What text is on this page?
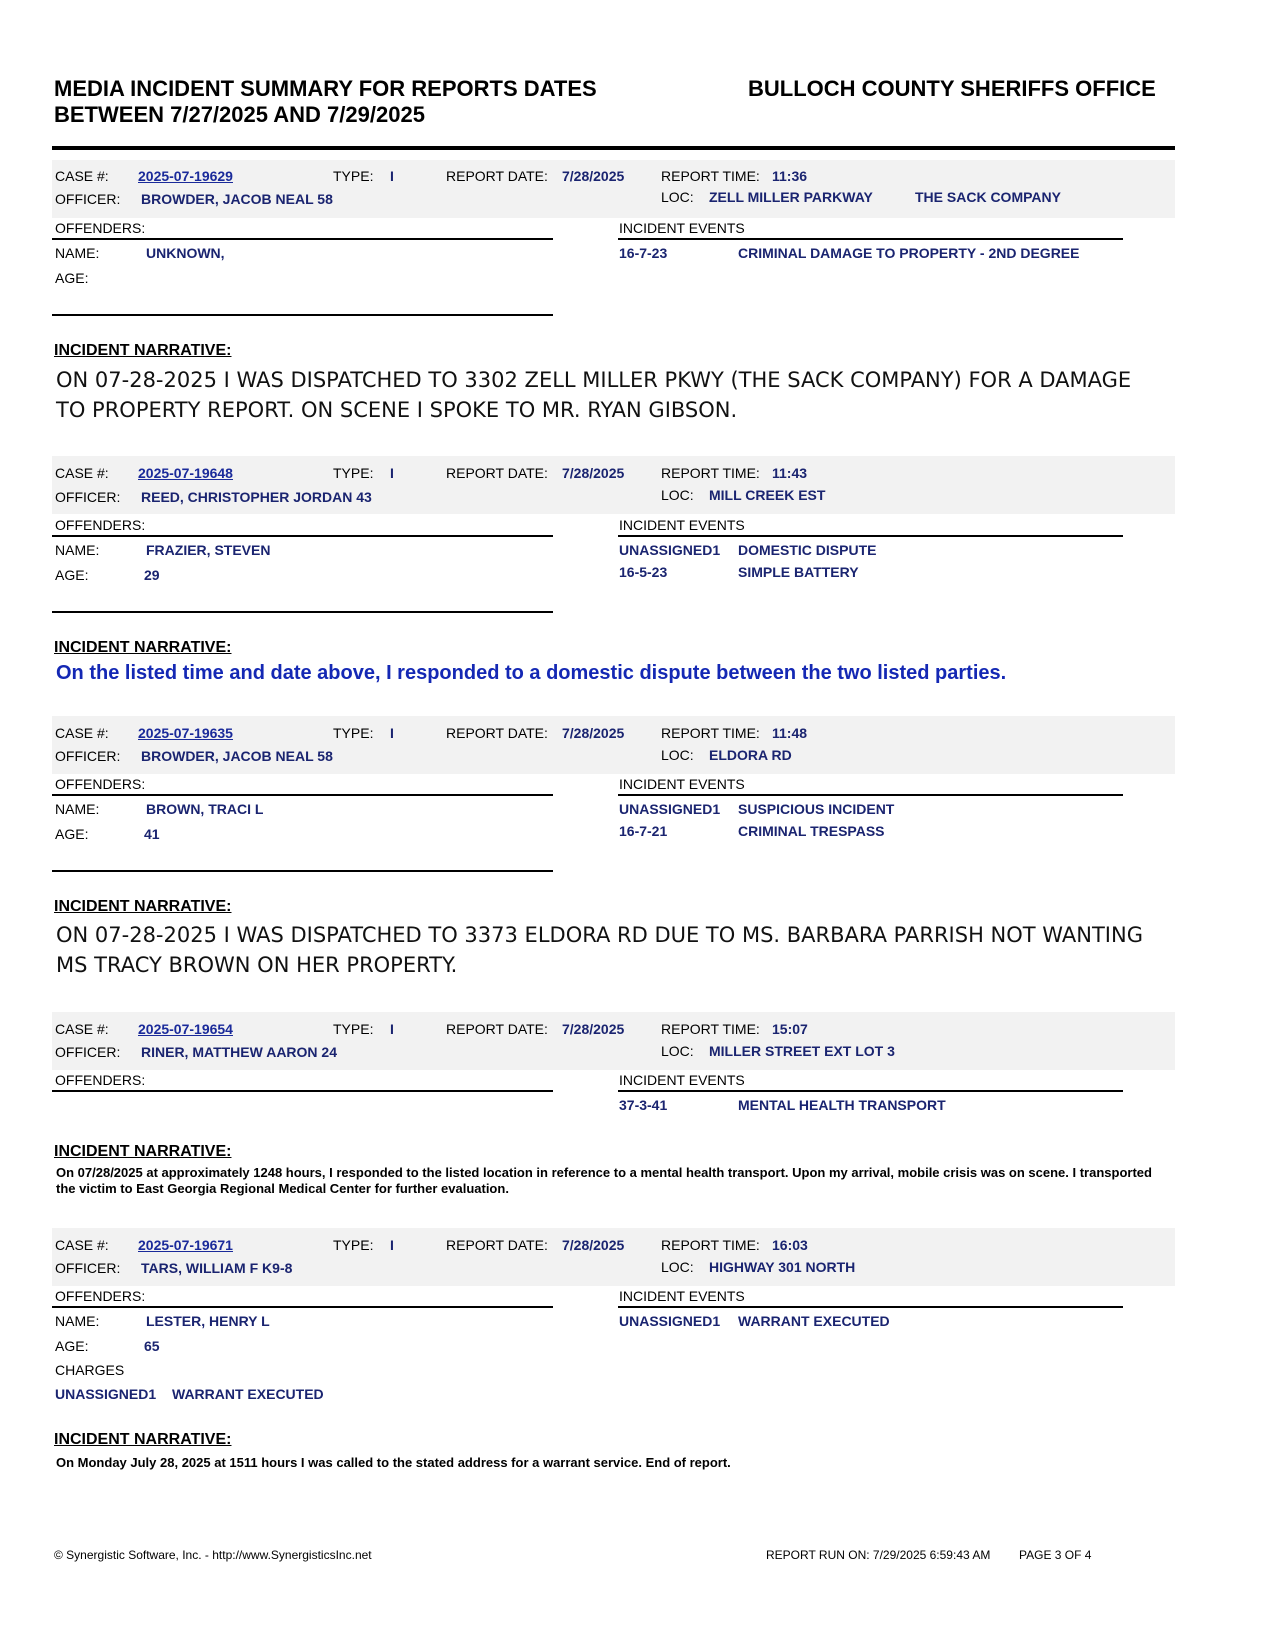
MEDIA INCIDENT SUMMARY FOR REPORTS DATES
BETWEEN 7/27/2025 AND 7/29/2025
BULLOCH COUNTY SHERIFFS OFFICE
CASE #: 2025-07-19629	TYPE: I	REPORT DATE: 7/28/2025	REPORT TIME: 11:36
OFFICER: BROWDER, JACOB NEAL 58	LOC: ZELL MILLER PARKWAY	THE SACK COMPANY
OFFENDERS:	INCIDENT EVENTS
NAME:	UNKNOWN,
AGE:
16-7-23	CRIMINAL DAMAGE TO PROPERTY - 2ND DEGREE
INCIDENT NARRATIVE:
ON 07-28-2025 I WAS DISPATCHED TO 3302 ZELL MILLER PKWY (THE SACK COMPANY) FOR A DAMAGE TO PROPERTY REPORT. ON SCENE I SPOKE TO MR. RYAN GIBSON.
CASE #: 2025-07-19648	TYPE: I	REPORT DATE: 7/28/2025	REPORT TIME: 11:43
OFFICER: REED, CHRISTOPHER JORDAN 43	LOC: MILL CREEK EST
OFFENDERS:	INCIDENT EVENTS
NAME:	FRAZIER, STEVEN
AGE:	29
UNASSIGNED1 DOMESTIC DISPUTE
16-5-23	SIMPLE BATTERY
INCIDENT NARRATIVE:
On the listed time and date above, I responded to a domestic dispute between the two listed parties.
CASE #: 2025-07-19635	TYPE: I	REPORT DATE: 7/28/2025	REPORT TIME: 11:48
OFFICER: BROWDER, JACOB NEAL 58	LOC: ELDORA RD
OFFENDERS:	INCIDENT EVENTS
NAME:	BROWN, TRACI L
AGE:	41
UNASSIGNED1 SUSPICIOUS INCIDENT
16-7-21	CRIMINAL TRESPASS
INCIDENT NARRATIVE:
ON 07-28-2025 I WAS DISPATCHED TO 3373 ELDORA RD DUE TO MS. BARBARA PARRISH NOT WANTING MS TRACY BROWN ON HER PROPERTY.
CASE #: 2025-07-19654	TYPE: I	REPORT DATE: 7/28/2025	REPORT TIME: 15:07
OFFICER: RINER, MATTHEW AARON 24	LOC: MILLER STREET EXT LOT 3
OFFENDERS:	INCIDENT EVENTS
37-3-41	MENTAL HEALTH TRANSPORT
INCIDENT NARRATIVE:
On 07/28/2025 at approximately 1248 hours, I responded to the listed location in reference to a mental health transport. Upon my arrival, mobile crisis was on scene. I transported the victim to East Georgia Regional Medical Center for further evaluation.
CASE #: 2025-07-19671	TYPE: I	REPORT DATE: 7/28/2025	REPORT TIME: 16:03
OFFICER: TARS, WILLIAM F K9-8	LOC: HIGHWAY 301 NORTH
OFFENDERS:	INCIDENT EVENTS
NAME:	LESTER, HENRY L
AGE:	65
UNASSIGNED1 WARRANT EXECUTED
CHARGES
UNASSIGNED1 WARRANT EXECUTED
INCIDENT NARRATIVE:
On Monday July 28, 2025 at 1511 hours I was called to the stated address for a warrant service. End of report.
© Synergistic Software, Inc. - http://www.SynergisticsInc.net	REPORT RUN ON: 7/29/2025 6:59:43 AM PAGE 3 OF 4
